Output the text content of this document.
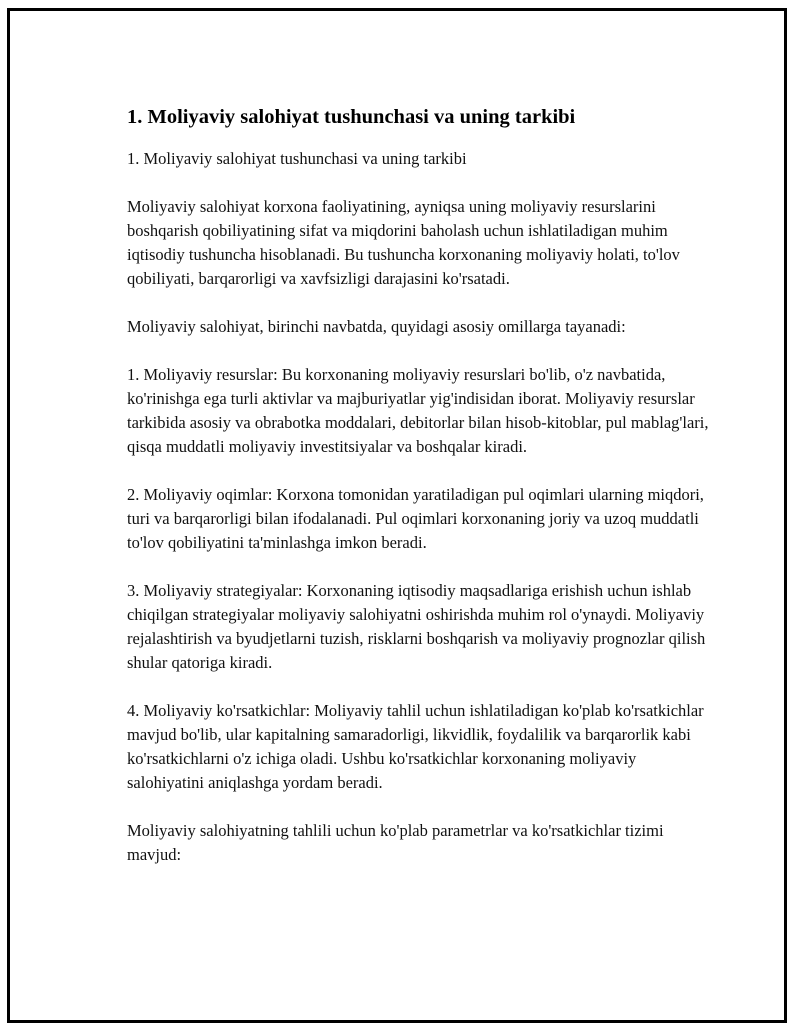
1. Moliyaviy salohiyat tushunchasi va uning tarkibi

1. Moliyaviy salohiyat tushunchasi va uning tarkibi

Moliyaviy salohiyat korxona faoliyatining, ayniqsa uning moliyaviy resurslarini boshqarish qobiliyatining sifat va miqdorini baholash uchun ishlatiladigan muhim iqtisodiy tushuncha hisoblanadi. Bu tushuncha korxonaning moliyaviy holati, to'lov qobiliyati, barqarorligi va xavfsizligi darajasini ko'rsatadi.

Moliyaviy salohiyat, birinchi navbatda, quyidagi asosiy omillarga tayanadi:

1. Moliyaviy resurslar: Bu korxonaning moliyaviy resurslari bo'lib, o'z navbatida, ko'rinishga ega turli aktivlar va majburiyatlar yig'indisidan iborat. Moliyaviy resurslar tarkibida asosiy va obrabotka moddalari, debitorlar bilan hisob-kitoblar, pul mablag'lari, qisqa muddatli moliyaviy investitsiyalar va boshqalar kiradi.

2. Moliyaviy oqimlar: Korxona tomonidan yaratiladigan pul oqimlari ularning miqdori, turi va barqarorligi bilan ifodalanadi. Pul oqimlari korxonaning joriy va uzoq muddatli to'lov qobiliyatini ta'minlashga imkon beradi.

3. Moliyaviy strategiyalar: Korxonaning iqtisodiy maqsadlariga erishish uchun ishlab chiqilgan strategiyalar moliyaviy salohiyatni oshirishda muhim rol o'ynaydi. Moliyaviy rejalashtirish va byudjetlarni tuzish, risklarni boshqarish va moliyaviy prognozlar qilish shular qatoriga kiradi.

4. Moliyaviy ko'rsatkichlar: Moliyaviy tahlil uchun ishlatiladigan ko'plab ko'rsatkichlar mavjud bo'lib, ular kapitalning samaradorligi, likvidlik, foydalilik va barqarorlik kabi ko'rsatkichlarni o'z ichiga oladi. Ushbu ko'rsatkichlar korxonaning moliyaviy salohiyatini aniqlashga yordam beradi.

Moliyaviy salohiyatning tahlili uchun ko'plab parametrlar va ko'rsatkichlar tizimi mavjud:
